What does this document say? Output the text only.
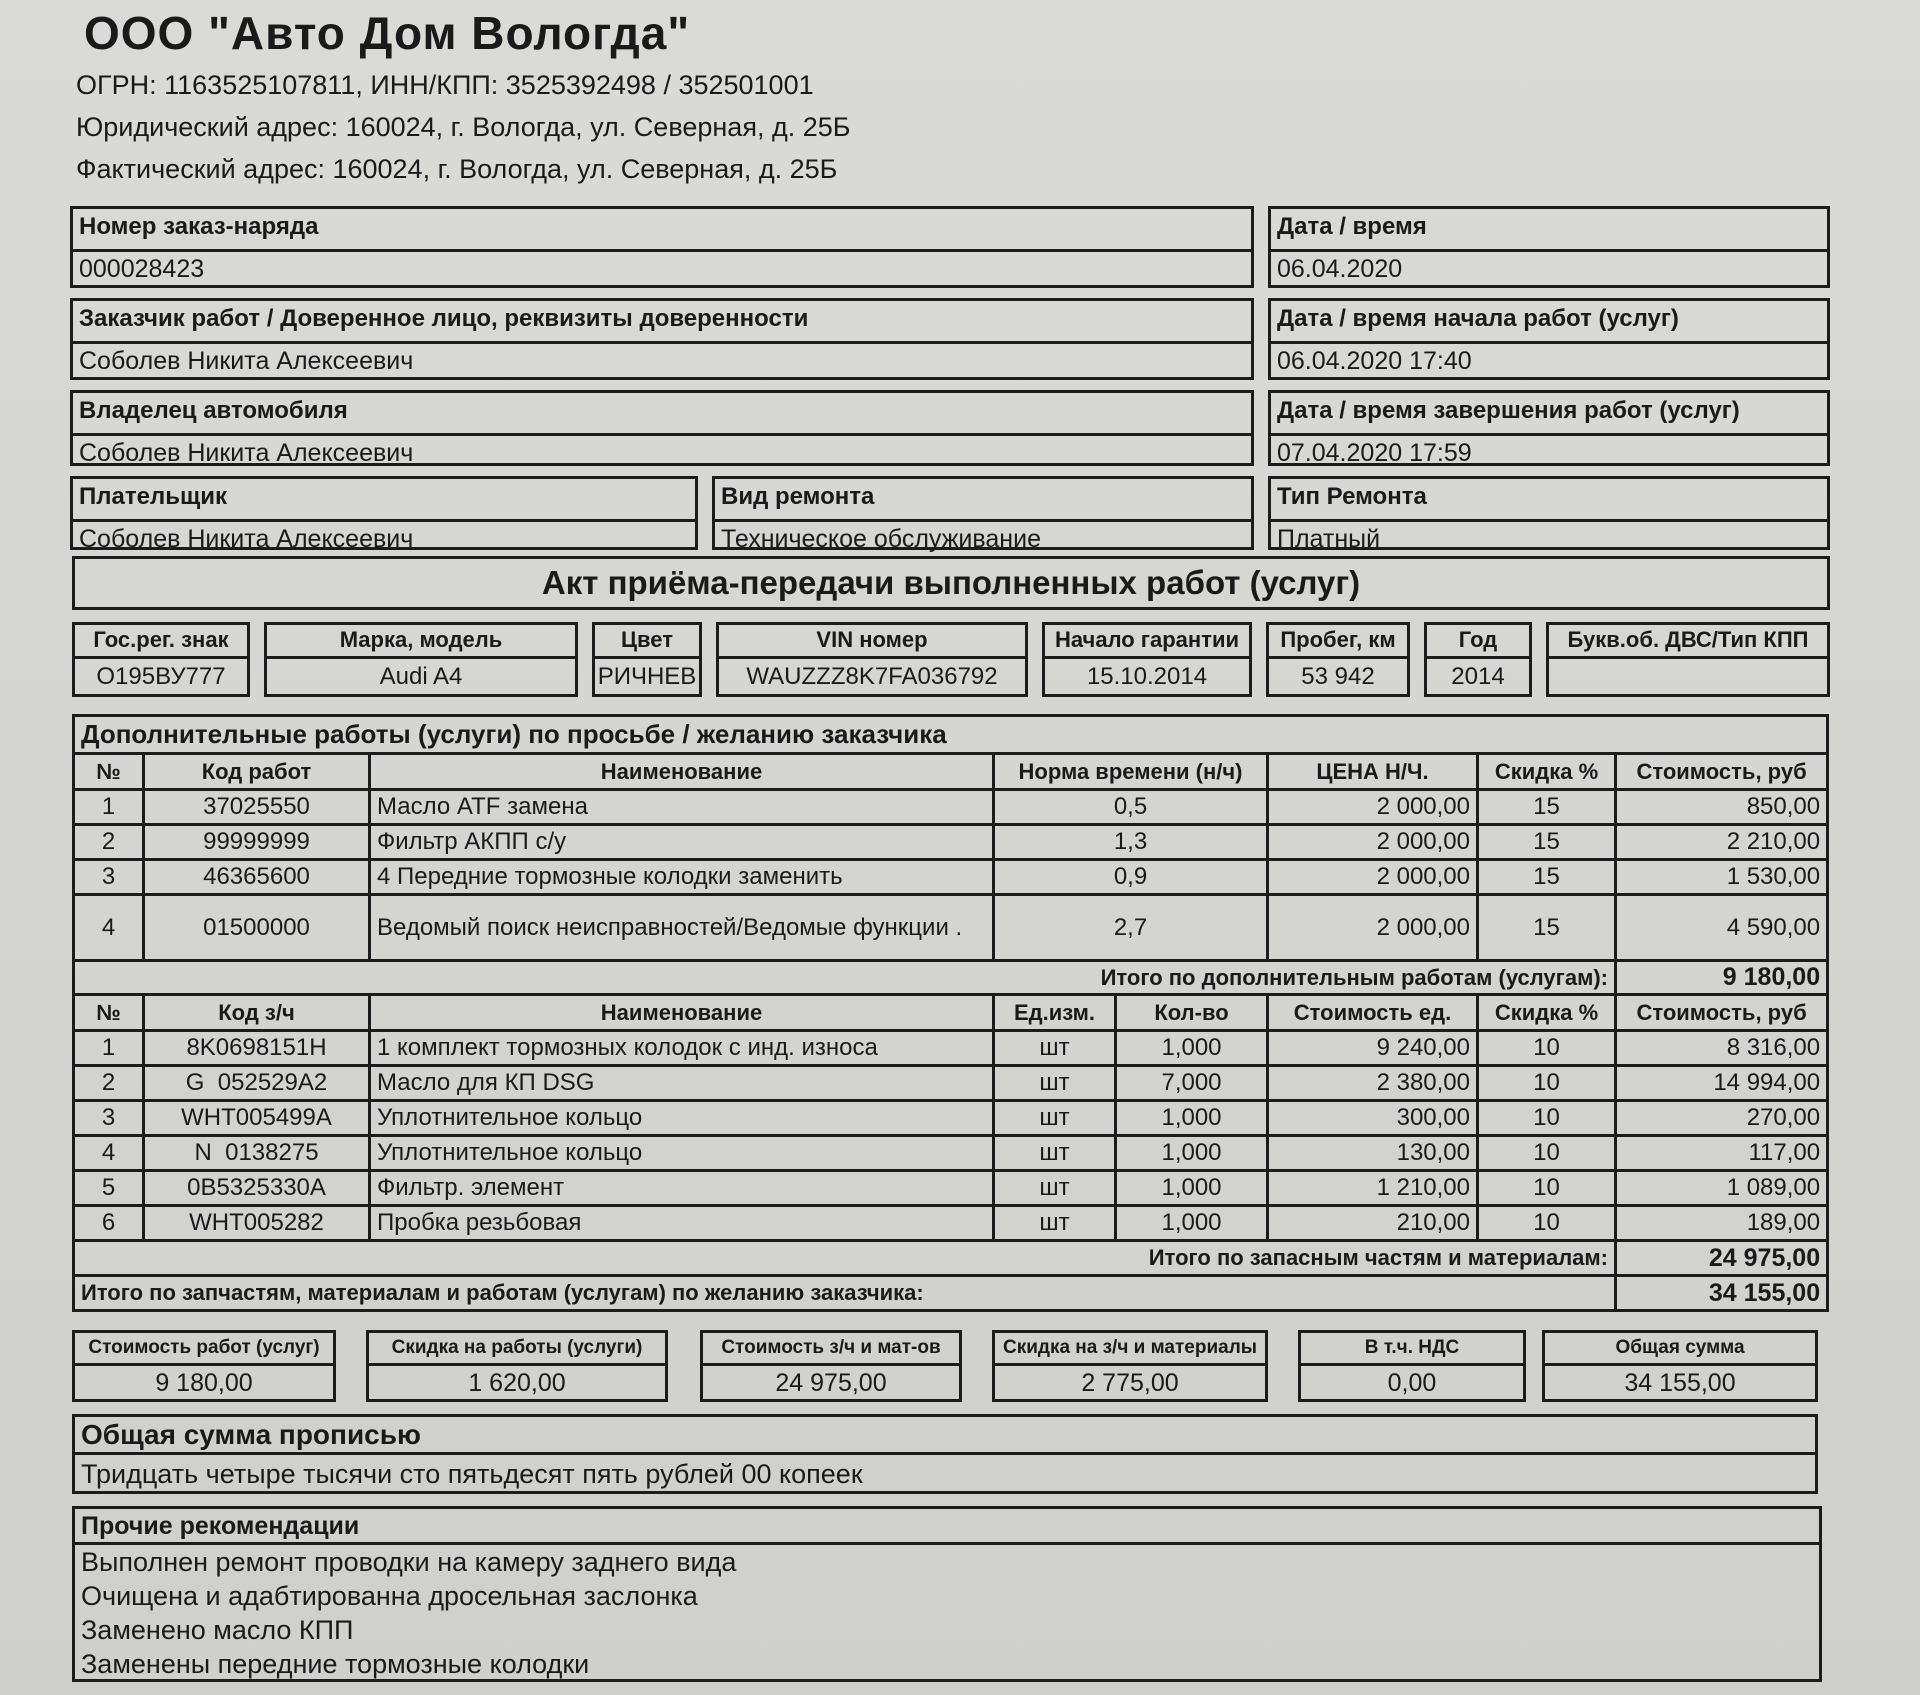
ООО "Авто Дом Вологда"
ОГРН: 1163525107811, ИНН/КПП: 3525392498 / 352501001
Юридический адрес: 160024, г. Вологда, ул. Северная, д. 25Б
Фактический адрес: 160024, г. Вологда, ул. Северная, д. 25Б
Номер заказ-наряда
000028423
Дата / время
06.04.2020
Заказчик работ / Доверенное лицо, реквизиты доверенности
Соболев Никита Алексеевич
Дата / время начала работ (услуг)
06.04.2020 17:40
Владелец автомобиля
Соболев Никита Алексеевич
Дата / время завершения работ (услуг)
07.04.2020 17:59
Плательщик
Соболев Никита Алексеевич
Вид ремонта
Техническое обслуживание
Тип Ремонта
Платный
Акт приёма-передачи выполненных работ (услуг)
Гос.рег. знак
О195ВУ777
Марка, модель
Audi A4
Цвет
РИЧНЕВ
VIN номер
WAUZZZ8K7FA036792
Начало гарантии
15.10.2014
Пробег, км
53 942
Год
2014
Букв.об. ДВС/Тип КПП
Дополнительные работы (услуги) по просьбе / желанию заказчика							
№	Код работ	Наименование	Норма времени (н/ч)		ЦЕНА Н/Ч.	Скидка %	Стоимость, руб
1	37025550	Масло ATF замена	0,5		2 000,00	15	850,00
2	99999999	Фильтр АКПП с/у	1,3		2 000,00	15	2 210,00
3	46365600	4 Передние тормозные колодки заменить	0,9		2 000,00	15	1 530,00
4	01500000	Ведомый поиск неисправностей/Ведомые функции .	2,7		2 000,00	15	4 590,00
Итого по дополнительным работам (услугам):							9 180,00
№	Код з/ч	Наименование	Ед.изм.	Кол-во	Стоимость ед.	Скидка %	Стоимость, руб
1	8K0698151H	1 комплект тормозных колодок с инд. износа	шт	1,000	9 240,00	10	8 316,00
2	G  052529A2	Масло для КП DSG	шт	7,000	2 380,00	10	14 994,00
3	WHT005499A	Уплотнительное кольцо	шт	1,000	300,00	10	270,00
4	N  0138275	Уплотнительное кольцо	шт	1,000	130,00	10	117,00
5	0B5325330A	Фильтр. элемент	шт	1,000	1 210,00	10	1 089,00
6	WHT005282	Пробка резьбовая	шт	1,000	210,00	10	189,00
Итого по запасным частям и материалам:							24 975,00
Итого по запчастям, материалам и работам (услугам) по желанию заказчика:							34 155,00
Стоимость работ (услуг)
9 180,00
Скидка на работы (услуги)
1 620,00
Стоимость з/ч и мат-ов
24 975,00
Скидка на з/ч и материалы
2 775,00
В т.ч. НДС
0,00
Общая сумма
34 155,00
Общая сумма прописью
Тридцать четыре тысячи сто пятьдесят пять рублей 00 копеек
Прочие рекомендации
Выполнен ремонт проводки на камеру заднего вида
Очищена и адабтированна дросельная заслонка
Заменено масло КПП
Заменены передние тормозные колодки
